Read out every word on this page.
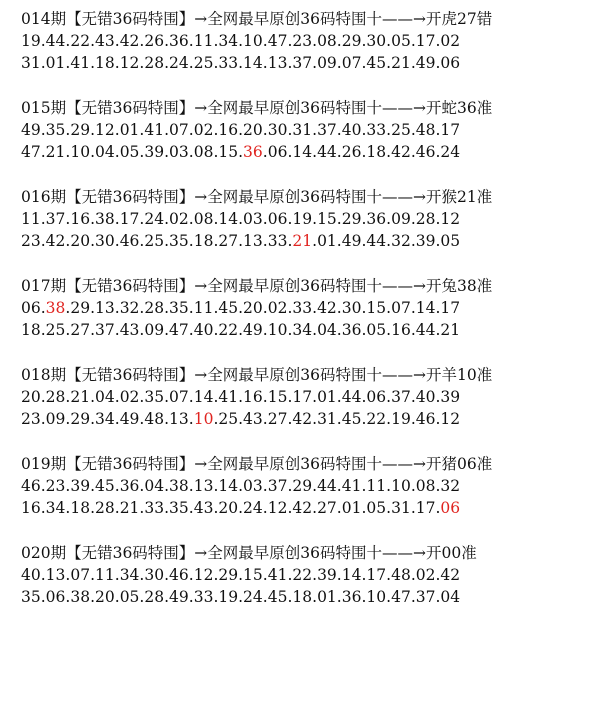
014期【无错36码特围】→全网最早原创36码特围十——→开虎27错
19.44.22.43.42.26.36.11.34.10.47.23.08.29.30.05.17.02
31.01.41.18.12.28.24.25.33.14.13.37.09.07.45.21.49.06
015期【无错36码特围】→全网最早原创36码特围十——→开蛇36准
49.35.29.12.01.41.07.02.16.20.30.31.37.40.33.25.48.17
47.21.10.04.05.39.03.08.15.36.06.14.44.26.18.42.46.24
016期【无错36码特围】→全网最早原创36码特围十——→开猴21准
11.37.16.38.17.24.02.08.14.03.06.19.15.29.36.09.28.12
23.42.20.30.46.25.35.18.27.13.33.21.01.49.44.32.39.05
017期【无错36码特围】→全网最早原创36码特围十——→开兔38准
06.38.29.13.32.28.35.11.45.20.02.33.42.30.15.07.14.17
18.25.27.37.43.09.47.40.22.49.10.34.04.36.05.16.44.21
018期【无错36码特围】→全网最早原创36码特围十——→开羊10准
20.28.21.04.02.35.07.14.41.16.15.17.01.44.06.37.40.39
23.09.29.34.49.48.13.10.25.43.27.42.31.45.22.19.46.12
019期【无错36码特围】→全网最早原创36码特围十——→开猪06准
46.23.39.45.36.04.38.13.14.03.37.29.44.41.11.10.08.32
16.34.18.28.21.33.35.43.20.24.12.42.27.01.05.31.17.06
020期【无错36码特围】→全网最早原创36码特围十——→开00准
40.13.07.11.34.30.46.12.29.15.41.22.39.14.17.48.02.42
35.06.38.20.05.28.49.33.19.24.45.18.01.36.10.47.37.04
